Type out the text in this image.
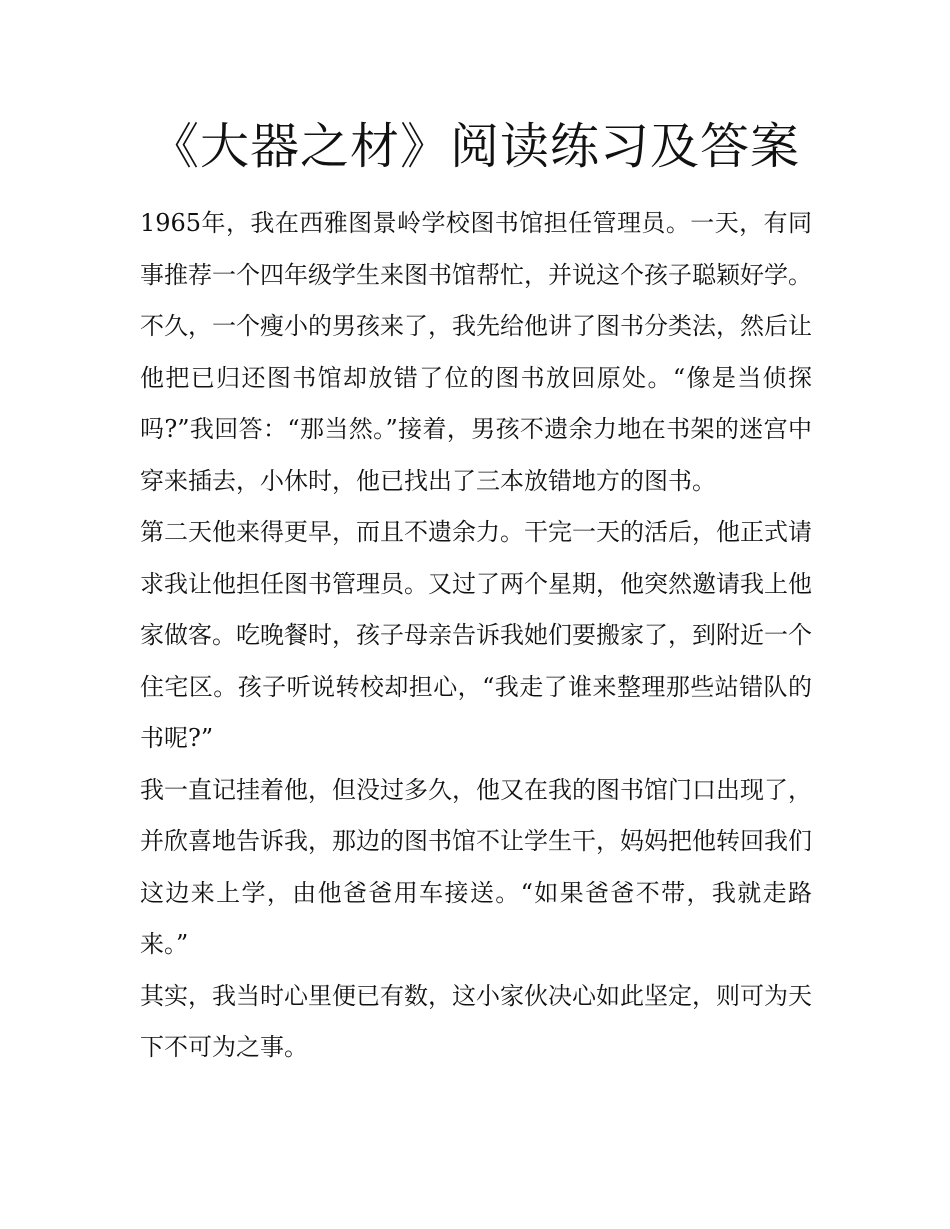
《大器之材》阅读练习及答案

1965年，我在西雅图景岭学校图书馆担任管理员。一天，有同事推荐一个四年级学生来图书馆帮忙，并说这个孩子聪颖好学。

不久，一个瘦小的男孩来了，我先给他讲了图书分类法，然后让他把已归还图书馆却放错了位的图书放回原处。“像是当侦探吗?”我回答：“那当然。”接着，男孩不遗余力地在书架的迷宫中穿来插去，小休时，他已找出了三本放错地方的图书。

第二天他来得更早，而且不遗余力。干完一天的活后，他正式请求我让他担任图书管理员。又过了两个星期，他突然邀请我上他家做客。吃晚餐时，孩子母亲告诉我她们要搬家了，到附近一个住宅区。孩子听说转校却担心，“我走了谁来整理那些站错队的书呢?”

我一直记挂着他，但没过多久，他又在我的图书馆门口出现了，并欣喜地告诉我，那边的图书馆不让学生干，妈妈把他转回我们这边来上学，由他爸爸用车接送。“如果爸爸不带，我就走路来。”

其实，我当时心里便已有数，这小家伙决心如此坚定，则可为天下不可为之事。
